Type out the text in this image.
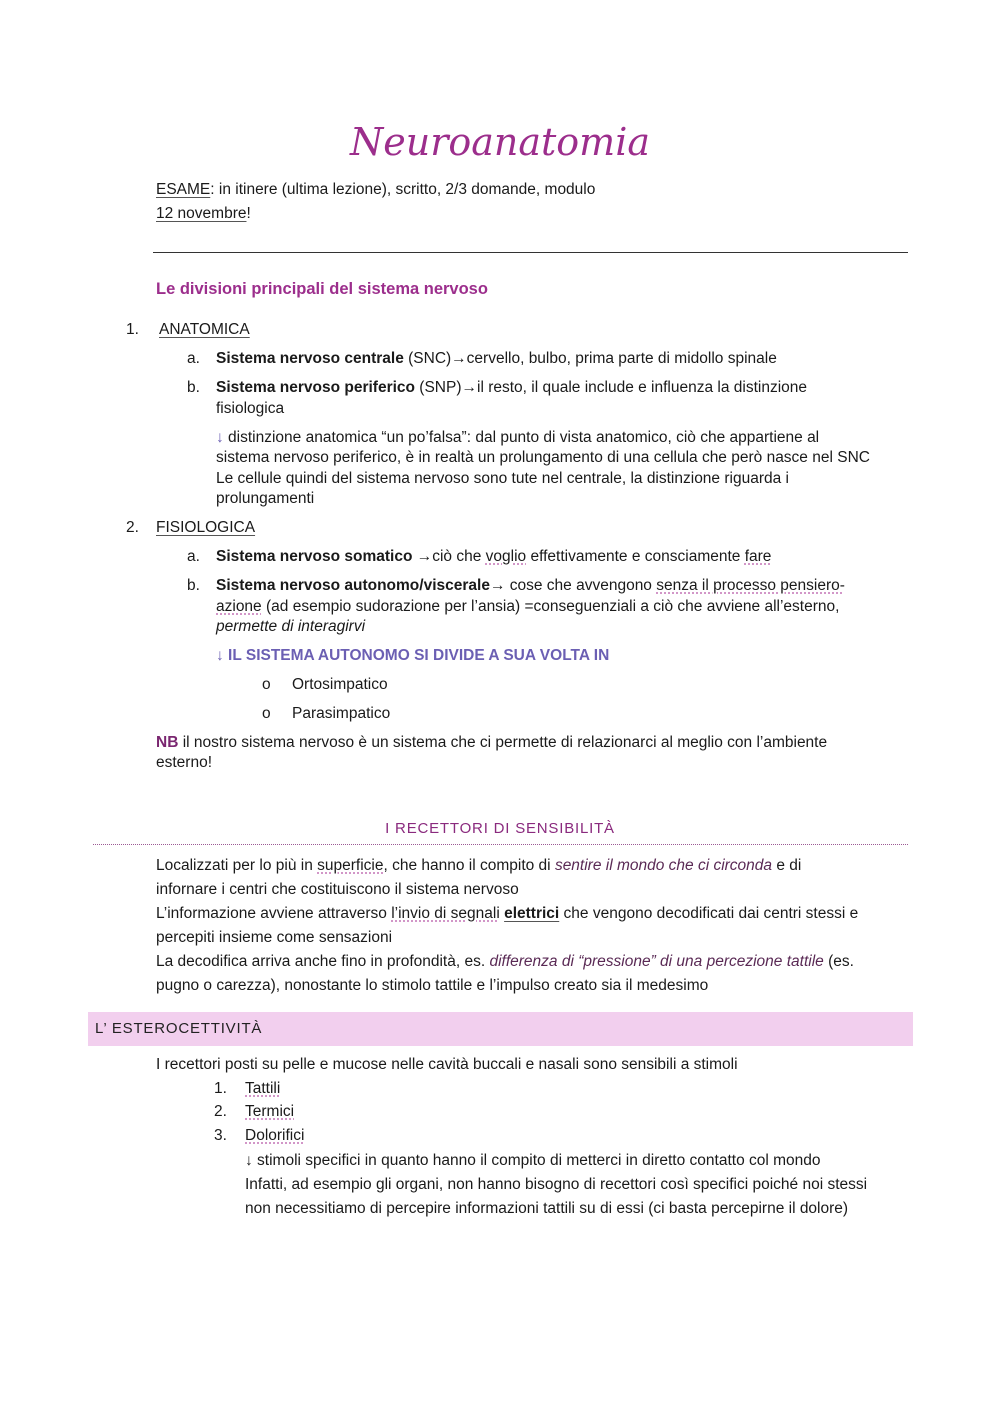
Neuroanatomia
ESAME: in itinere (ultima lezione), scritto, 2/3 domande, modulo
12 novembre!
Le divisioni principali del sistema nervoso
1. ANATOMICA
a. Sistema nervoso centrale (SNC)→cervello, bulbo, prima parte di midollo spinale
b. Sistema nervoso periferico (SNP)→il resto, il quale include e influenza la distinzione
fisiologica
↓ distinzione anatomica “un po’falsa”: dal punto di vista anatomico, ciò che appartiene al
sistema nervoso periferico, è in realtà un prolungamento di una cellula che però nasce nel SNC
Le cellule quindi del sistema nervoso sono tute nel centrale, la distinzione riguarda i
prolungamenti
2. FISIOLOGICA
a. Sistema nervoso somatico →ciò che voglio effettivamente e consciamente fare
b. Sistema nervoso autonomo/viscerale→ cose che avvengono senza il processo pensiero-
azione (ad esempio sudorazione per l’ansia) =conseguenziali a ciò che avviene all’esterno,
permette di interagirvi
↓ IL SISTEMA AUTONOMO SI DIVIDE A SUA VOLTA IN
o Ortosimpatico
o Parasimpatico
NB il nostro sistema nervoso è un sistema che ci permette di relazionarci al meglio con l’ambiente
esterno!
I RECETTORI DI SENSIBILITÀ

Localizzati per lo più in superficie, che hanno il compito di sentire il mondo che ci circonda e di

infornare i centri che costituiscono il sistema nervoso

L’informazione avviene attraverso l’invio di segnali elettrici che vengono decodificati dai centri stessi e

percepiti insieme come sensazioni

La decodifica arriva anche fino in profondità, es. differenza di “pressione” di una percezione tattile (es.

pugno o carezza), nonostante lo stimolo tattile e l’impulso creato sia il medesimo

L’ ESTEROCETTIVITÀ
I recettori posti su pelle e mucose nelle cavità buccali e nasali sono sensibili a stimoli
1. Tattili
2. Termici
3. Dolorifici

↓ stimoli specifici in quanto hanno il compito di metterci in diretto contatto col mondo

Infatti, ad esempio gli organi, non hanno bisogno di recettori così specifici poiché noi stessi

non necessitiamo di percepire informazioni tattili su di essi (ci basta percepirne il dolore)
